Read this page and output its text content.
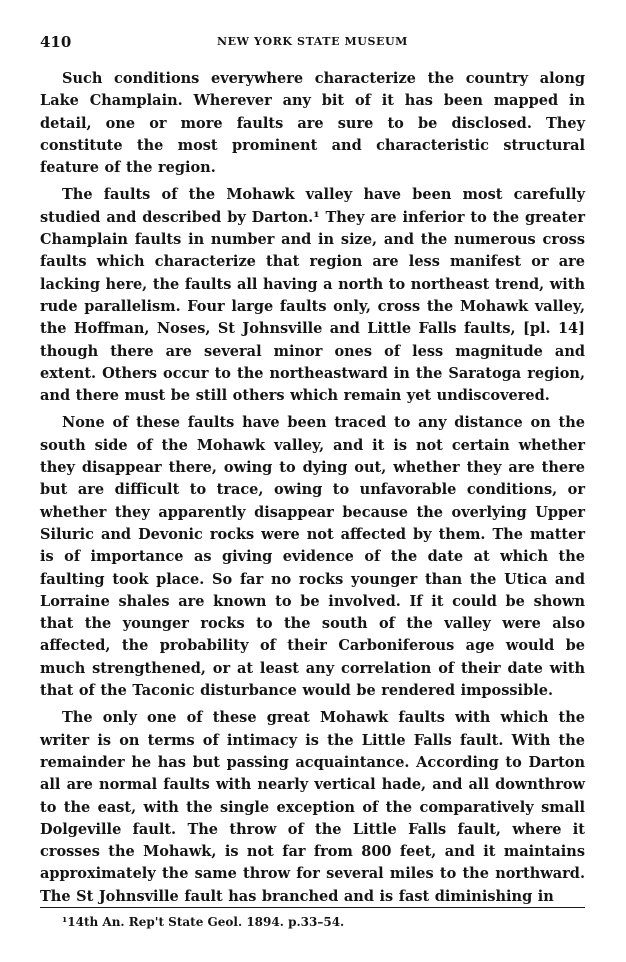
410	NEW YORK STATE MUSEUM

Such conditions everywhere characterize the country along Lake Champlain. Wherever any bit of it has been mapped in detail, one or more faults are sure to be disclosed. They constitute the most prominent and characteristic structural feature of the region.

The faults of the Mohawk valley have been most carefully studied and described by Darton.¹ They are inferior to the greater Champlain faults in number and in size, and the numerous cross faults which characterize that region are less manifest or are lacking here, the faults all having a north to northeast trend, with rude parallelism. Four large faults only, cross the Mohawk valley, the Hoffman, Noses, St Johnsville and Little Falls faults, [pl. 14] though there are several minor ones of less magnitude and extent. Others occur to the northeastward in the Saratoga region, and there must be still others which remain yet undiscovered.

None of these faults have been traced to any distance on the south side of the Mohawk valley, and it is not certain whether they disappear there, owing to dying out, whether they are there but are difficult to trace, owing to unfavorable conditions, or whether they apparently disappear because the overlying Upper Siluric and Devonic rocks were not affected by them. The matter is of importance as giving evidence of the date at which the faulting took place. So far no rocks younger than the Utica and Lorraine shales are known to be involved. If it could be shown that the younger rocks to the south of the valley were also affected, the probability of their Carboniferous age would be much strengthened, or at least any correlation of their date with that of the Taconic disturbance would be rendered impossible.

The only one of these great Mohawk faults with which the writer is on terms of intimacy is the Little Falls fault. With the remainder he has but passing acquaintance. According to Darton all are normal faults with nearly vertical hade, and all downthrow to the east, with the single exception of the comparatively small Dolgeville fault. The throw of the Little Falls fault, where it crosses the Mohawk, is not far from 800 feet, and it maintains approximately the same throw for several miles to the northward. The St Johnsville fault has branched and is fast diminishing in

¹14th An. Rep't State Geol. 1894. p.33–54.
